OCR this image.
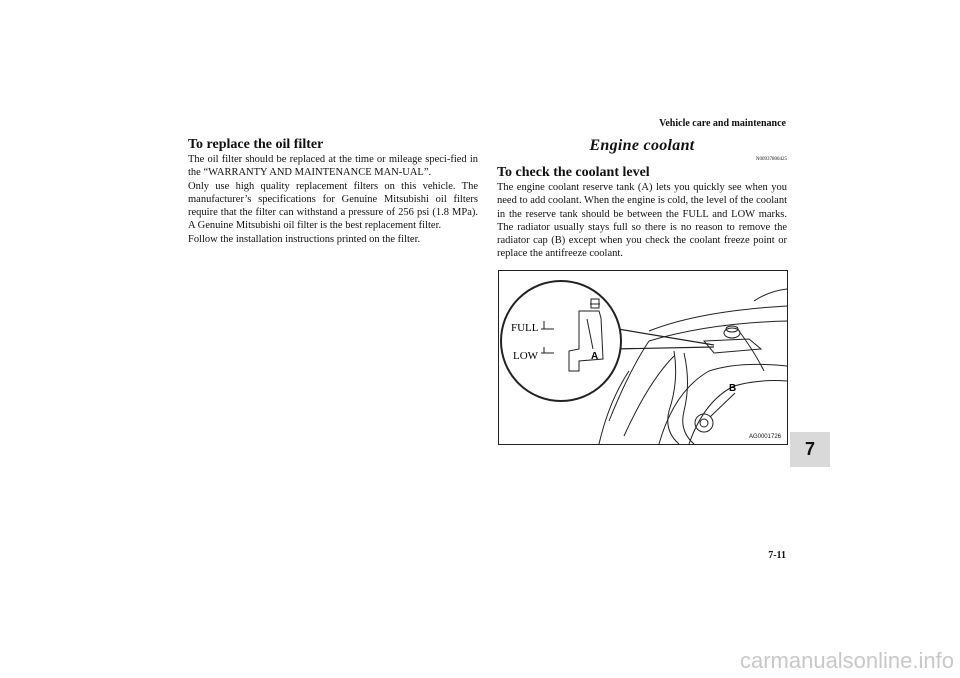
Vehicle care and maintenance
To replace the oil filter

The oil filter should be replaced at the time or mileage speci-fied in the “WARRANTY AND MAINTENANCE MAN-UAL”.

Only use high quality replacement filters on this vehicle. The manufacturer’s specifications for Genuine Mitsubishi oil filters require that the filter can withstand a pressure of 256 psi (1.8 MPa). A Genuine Mitsubishi oil filter is the best replacement filter.

Follow the installation instructions printed on the filter.

Engine coolant
N00937800425
To check the coolant level

The engine coolant reserve tank (A) lets you quickly see when you need to add coolant. When the engine is cold, the level of the coolant in the reserve tank should be between the FULL and LOW marks. The radiator usually stays full so there is no reason to remove the radiator cap (B) except when you check the coolant freeze point or replace the antifreeze coolant.

FULL
LOW	A
B
AG0001726
7
7-11
carmanualsonline.info
